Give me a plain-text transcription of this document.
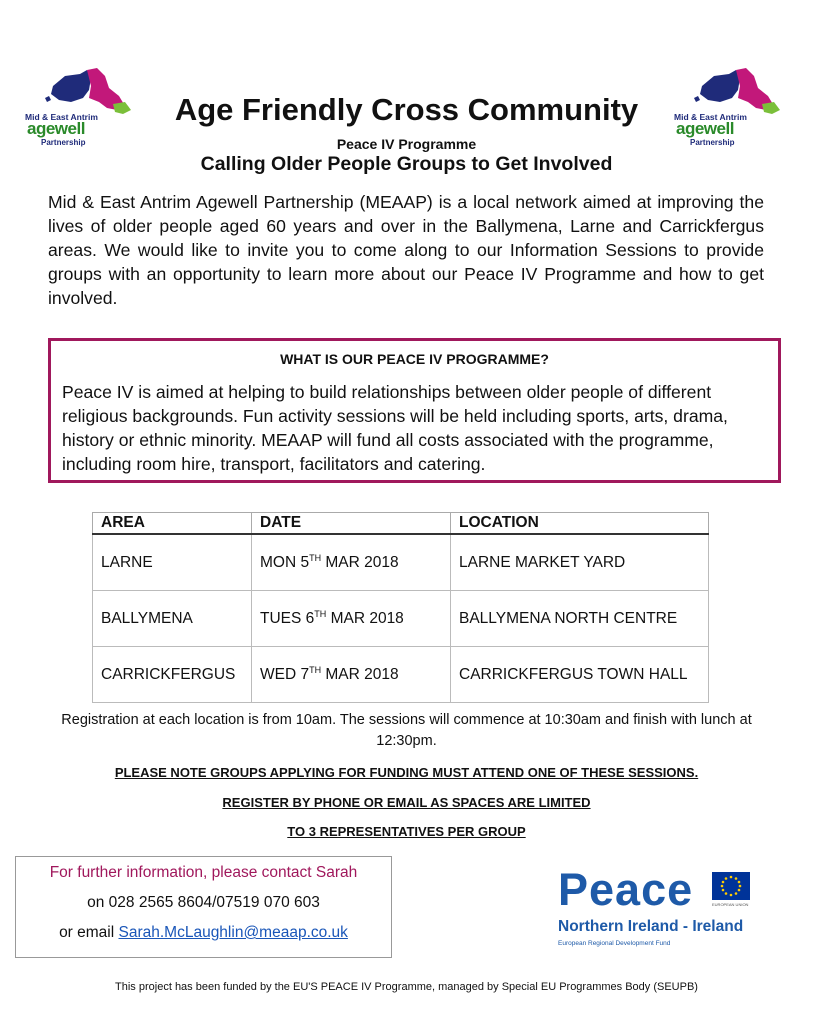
Mid & East Antrim
agewell
Partnership
Mid & East Antrim
agewell
Partnership
Age Friendly Cross Community
Peace IV Programme
Calling Older People Groups to Get Involved
Mid & East Antrim Agewell Partnership (MEAAP) is a local network aimed at improving the lives of older people aged 60 years and over in the Ballymena, Larne and Carrickfergus areas. We would like to invite you to come along to our Information Sessions to provide groups with an opportunity to learn more about our Peace IV Programme and how to get involved.
WHAT IS OUR PEACE IV PROGRAMME?
Peace IV is aimed at helping to build relationships between older people of different religious backgrounds. Fun activity sessions will be held including sports, arts, drama, history or ethnic minority. MEAAP will fund all costs associated with the programme, including room hire, transport, facilitators and catering.
AREA	DATE	LOCATION
LARNE	MON 5TH MAR 2018	LARNE MARKET YARD
BALLYMENA	TUES 6TH MAR 2018	BALLYMENA NORTH CENTRE
CARRICKFERGUS	WED 7TH MAR 2018	CARRICKFERGUS TOWN HALL
Registration at each location is from 10am. The sessions will commence at 10:30am and finish with lunch at 12:30pm.
PLEASE NOTE GROUPS APPLYING FOR FUNDING MUST ATTEND ONE OF THESE SESSIONS.
REGISTER BY PHONE OR EMAIL AS SPACES ARE LIMITED
TO 3 REPRESENTATIVES PER GROUP
For further information, please contact Sarah
on 028 2565 8604/07519 070 603
or email Sarah.McLaughlin@meaap.co.uk
Peace	EUROPEAN UNION
Northern Ireland - Ireland
European Regional Development Fund
This project has been funded by the EU'S PEACE IV Programme, managed by Special EU Programmes Body (SEUPB)
